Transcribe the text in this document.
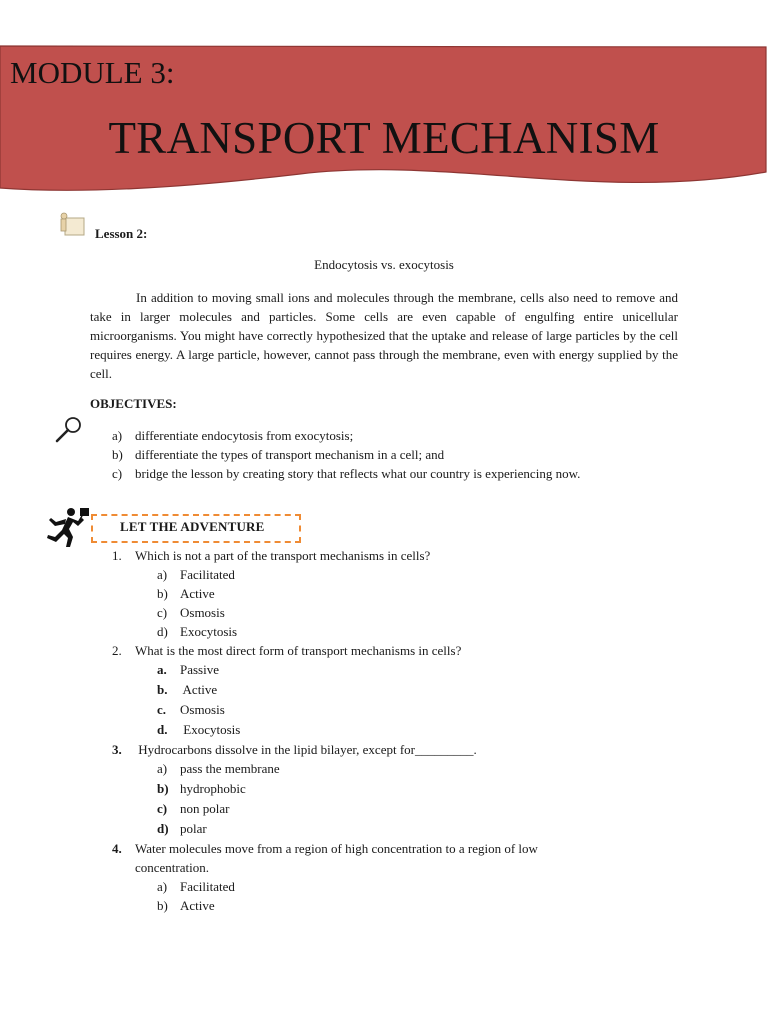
MODULE 3:
TRANSPORT MECHANISM
Lesson 2:
Endocytosis vs. exocytosis

In addition to moving small ions and molecules through the membrane, cells also need to remove and take in larger molecules and particles. Some cells are even capable of engulfing entire unicellular microorganisms. You might have correctly hypothesized that the uptake and release of large particles by the cell requires energy. A large particle, however, cannot pass through the membrane, even with energy supplied by the cell.

OBJECTIVES:
a) differentiate endocytosis from exocytosis;
b) differentiate the types of transport mechanism in a cell; and
c) bridge the lesson by creating story that reflects what our country is experiencing now.
LET THE ADVENTURE
1. Which is not a part of the transport mechanisms in cells?
a) Facilitated
b) Active
c) Osmosis
d) Exocytosis
2. What is the most direct form of transport mechanisms in cells?
a. Passive
b. Active
c. Osmosis
d. Exocytosis
3. Hydrocarbons dissolve in the lipid bilayer, except for_________.
a) pass the membrane
b) hydrophobic
c) non polar
d) polar
4. Water molecules move from a region of high concentration to a region of low concentration.
a) Facilitated
b) Active
